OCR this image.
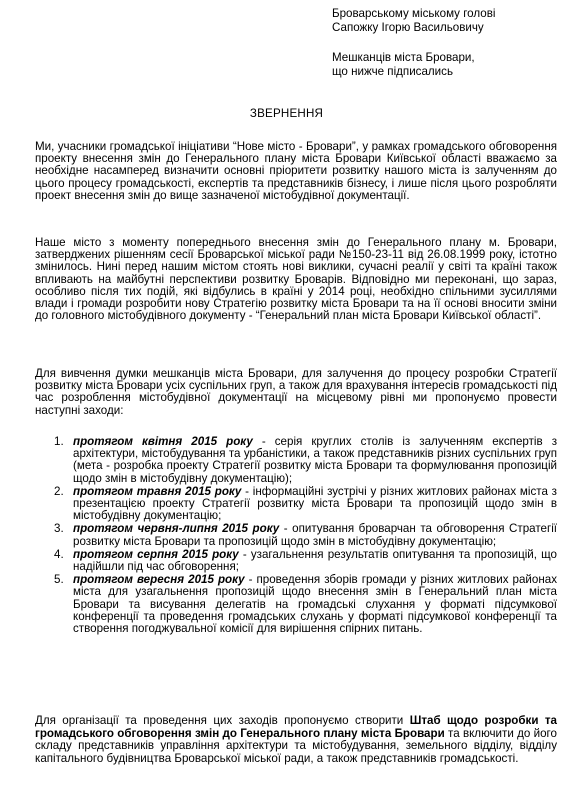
Броварському міському голові
Сапожку Ігорю Васильовичу
Мешканців міста Бровари,
що нижче підписались
ЗВЕРНЕННЯ

Ми, учасники громадської ініціативи “Нове місто - Бровари”, у рамках громадського обговорення проекту внесення змін до Генерального плану міста Бровари Київської області вважаємо за необхідне насамперед визначити основні пріоритети розвитку нашого міста із залученням до цього процесу громадськості, експертів та представників бізнесу, і лише після цього розробляти проект внесення змін до вище зазначеної містобудівної документації.

Наше місто з моменту попереднього внесення змін до Генерального плану м. Бровари, затверджених рішенням сесії Броварської міської ради №150-23-11 від 26.08.1999 року, істотно змінилось. Нині перед нашим містом стоять нові виклики, сучасні реалії у світі та країні також впливають на майбутні перспективи розвитку Броварів. Відповідно ми переконані, що зараз, особливо після тих подій, які відбулись в країні у 2014 році, необхідно спільними зусиллями влади і громади розробити нову Стратегію розвитку міста Бровари та на її основі вносити зміни до головного містобудівного документу - “Генеральний план міста Бровари Київської області”.

Для вивчення думки мешканців міста Бровари, для залучення до процесу розробки Стратегії розвитку міста Бровари усіх суспільних груп, а також для врахування інтересів громадськості під час розроблення містобудівної документації на місцевому рівні ми пропонуємо провести наступні заходи:

1. протягом квітня 2015 року - серія круглих столів із залученням експертів з архітектури, містобудування та урбаністики, а також представників різних суспільних груп (мета - розробка проекту Стратегії розвитку міста Бровари та формулювання пропозицій щодо змін в містобудівну документацію);
2. протягом травня 2015 року - інформаційні зустрічі у різних житлових районах міста з презентацією проекту Стратегії розвитку міста Бровари та пропозицій щодо змін в містобудівну документацію;
3. протягом червня-липня 2015 року - опитування броварчан та обговорення Стратегії розвитку міста Бровари та пропозицій щодо змін в містобудівну документацію;
4. протягом серпня 2015 року - узагальнення результатів опитування та пропозицій, що надійшли під час обговорення;
5. протягом вересня 2015 року - проведення зборів громади у різних житлових районах міста для узагальнення пропозицій щодо внесення змін в Генеральний план міста Бровари та висування делегатів на громадські слухання у форматі підсумкової конференції та проведення громадських слухань у форматі підсумкової конференції та створення погоджувальної комісії для вирішення спірних питань.

Для організації та проведення цих заходів пропонуємо створити Штаб щодо розробки та громадського обговорення змін до Генерального плану міста Бровари та включити до його складу представників управління архітектури та містобудування, земельного відділу, відділу капітального будівництва Броварської міської ради, а також представників громадськості.
